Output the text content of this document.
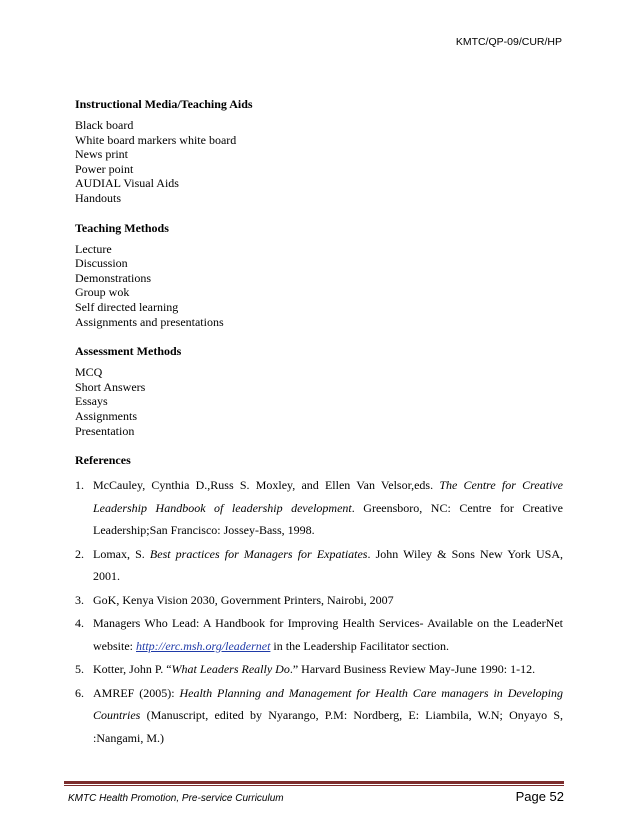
KMTC/QP-09/CUR/HP
Instructional Media/Teaching Aids
Black board
White board markers white board
News print
Power point
AUDIAL Visual Aids
Handouts
Teaching Methods
Lecture
Discussion
Demonstrations
Group wok
Self directed learning
Assignments and presentations
Assessment Methods
MCQ
Short Answers
Essays
Assignments
Presentation
References
1. McCauley, Cynthia D.,Russ S. Moxley, and Ellen Van Velsor,eds. The Centre for Creative Leadership Handbook of leadership development. Greensboro, NC: Centre for Creative Leadership;San Francisco: Jossey-Bass, 1998.
2. Lomax, S. Best practices for Managers for Expatiates. John Wiley & Sons New York USA, 2001.
3. GoK, Kenya Vision 2030, Government Printers, Nairobi, 2007
4. Managers Who Lead: A Handbook for Improving Health Services- Available on the LeaderNet website: http://erc.msh.org/leadernet in the Leadership Facilitator section.
5. Kotter, John P. “What Leaders Really Do.” Harvard Business Review May-June 1990: 1-12.
6. AMREF (2005): Health Planning and Management for Health Care managers in Developing Countries (Manuscript, edited by Nyarango, P.M: Nordberg, E: Liambila, W.N; Onyayo S, :Nangami, M.)
KMTC Health Promotion, Pre-service Curriculum	Page 52
